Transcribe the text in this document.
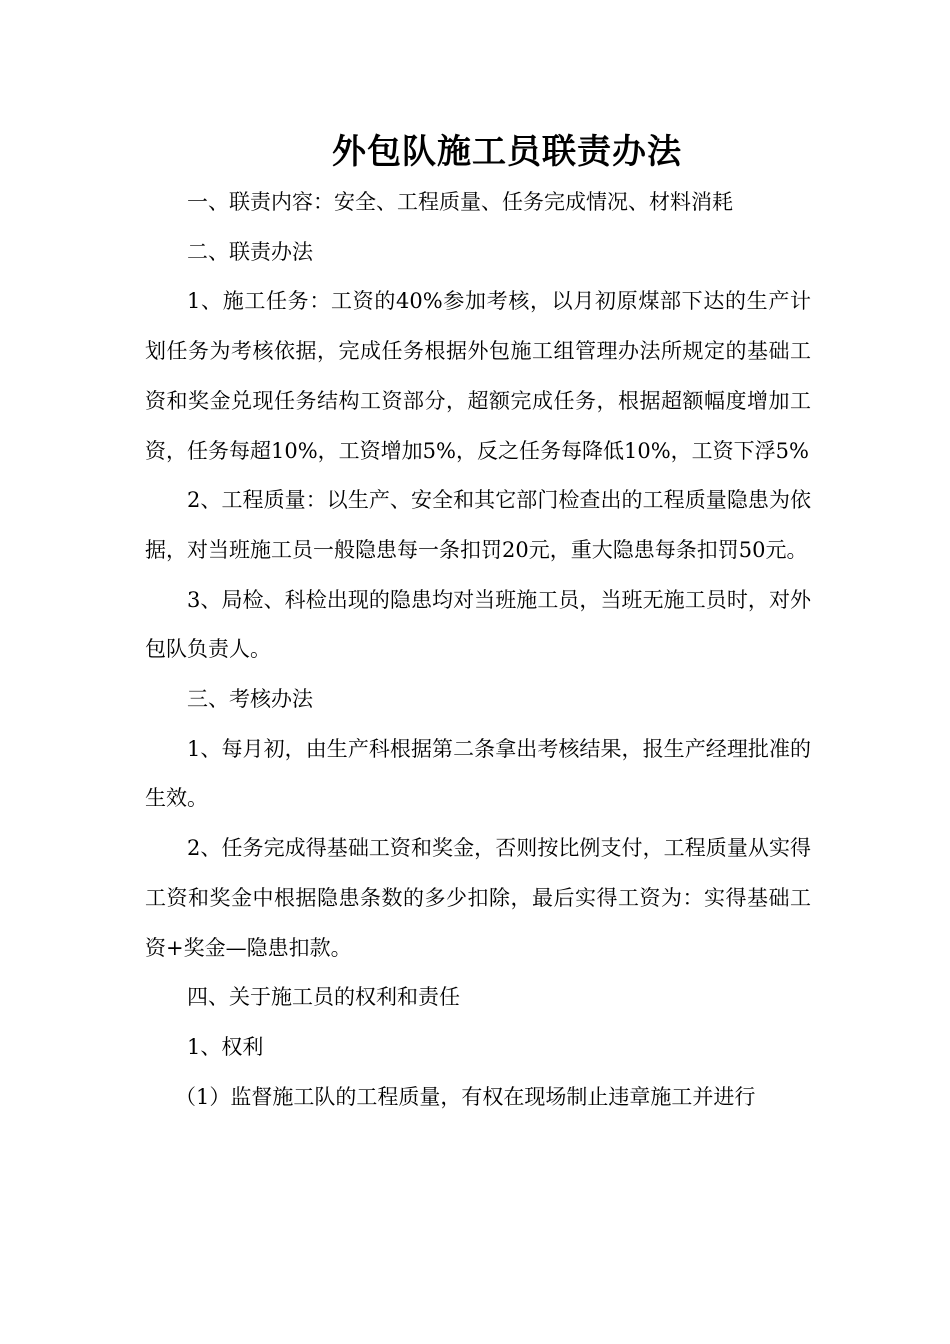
外包队施工员联责办法

一、联责内容：安全、工程质量、任务完成情况、材料消耗

二、联责办法

1、施工任务：工资的40%参加考核，以月初原煤部下达的生产计划任务为考核依据，完成任务根据外包施工组管理办法所规定的基础工资和奖金兑现任务结构工资部分，超额完成任务，根据超额幅度增加工资，任务每超10%，工资增加5%，反之任务每降低10%，工资下浮5%

2、工程质量：以生产、安全和其它部门检查出的工程质量隐患为依据，对当班施工员一般隐患每一条扣罚20元，重大隐患每条扣罚50元。

3、局检、科检出现的隐患均对当班施工员，当班无施工员时，对外包队负责人。

三、考核办法

1、每月初，由生产科根据第二条拿出考核结果，报生产经理批准的生效。

2、任务完成得基础工资和奖金，否则按比例支付，工程质量从实得工资和奖金中根据隐患条数的多少扣除，最后实得工资为：实得基础工资+奖金—隐患扣款。

四、关于施工员的权利和责任

1、权利

（1）监督施工队的工程质量，有权在现场制止违章施工并进行
